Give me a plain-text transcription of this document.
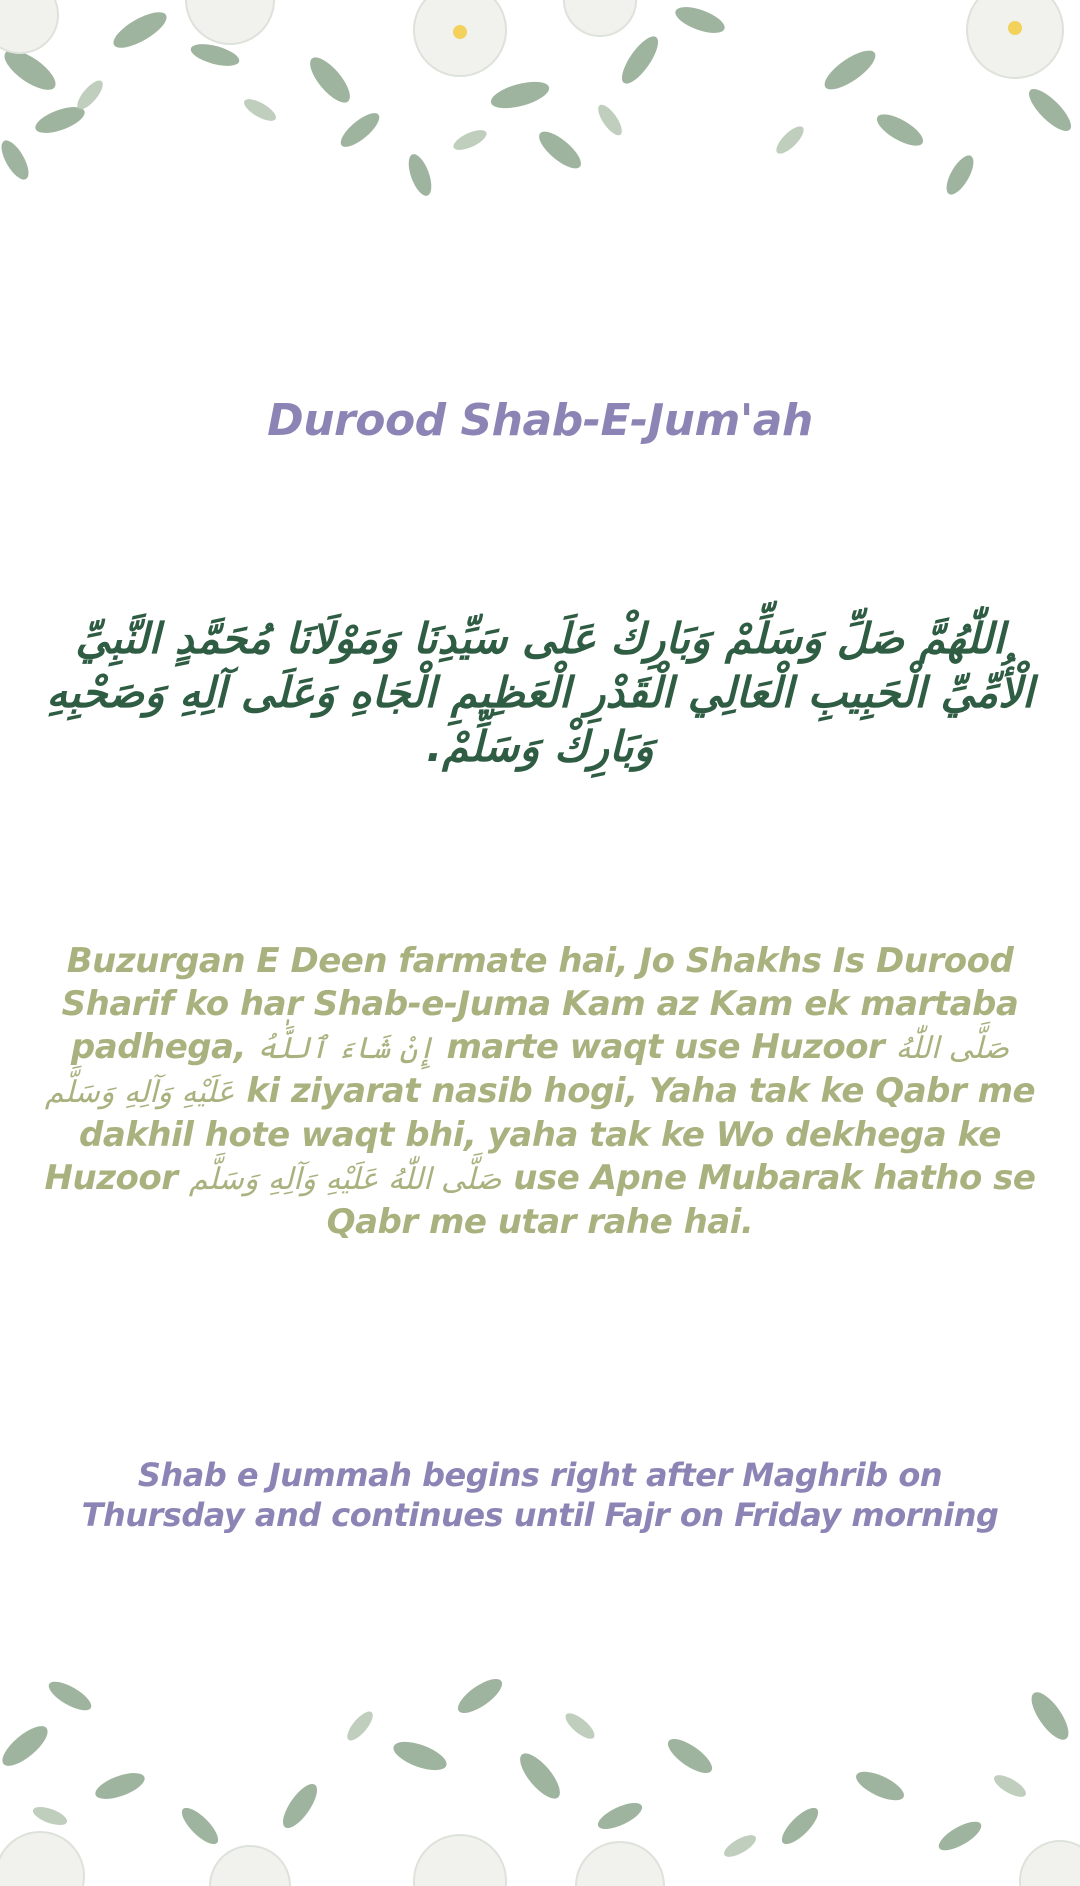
Durood Shab-E-Jum'ah
اللّٰهُمَّ صَلِّ وَسَلِّمْ وَبَارِكْ عَلَى سَيِّدِنَا وَمَوْلَانَا مُحَمَّدٍ النَّبِيِّ الْأُمِّيِّ الْحَبِيبِ الْعَالِي الْقَدْرِ الْعَظِيمِ الْجَاهِ وَعَلَى آلِهِ وَصَحْبِهِ وَبَارِكْ وَسَلِّمْ.
Buzurgan E Deen farmate hai, Jo Shakhs Is Durood Sharif ko har Shab-e-Juma Kam az Kam ek martaba padhega, إِنْ شَاءَ ٱللَّٰهُ marte waqt use Huzoor صَلَّى اللّٰهُ عَلَيْهِ وَآلِهِ وَسَلَّم ki ziyarat nasib hogi, Yaha tak ke Qabr me dakhil hote waqt bhi, yaha tak ke Wo dekhega ke Huzoor صَلَّى اللّٰهُ عَلَيْهِ وَآلِهِ وَسَلَّم use Apne Mubarak hatho se Qabr me utar rahe hai.
Shab e Jummah begins right after Maghrib on Thursday and continues until Fajr on Friday morning
